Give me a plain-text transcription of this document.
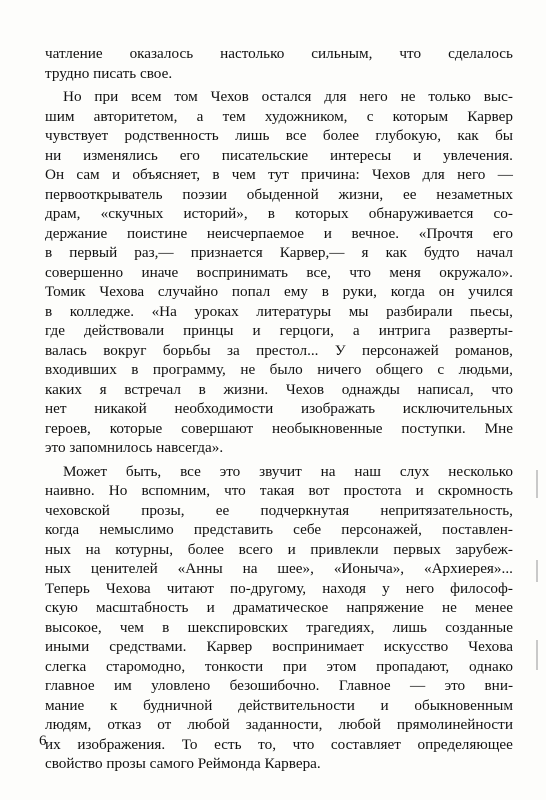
чатление оказалось настолько сильным, что сделалось
трудно писать свое.
Но при всем том Чехов остался для него не только выс-
шим авторитетом, а тем художником, с которым Карвер
чувствует родственность лишь все более глубокую, как бы
ни изменялись его писательские интересы и увлечения.
Он сам и объясняет, в чем тут причина: Чехов для него —
первооткрыватель поэзии обыденной жизни, ее незаметных
драм, «скучных историй», в которых обнаруживается со-
держание поистине неисчерпаемое и вечное. «Прочтя его
в первый раз,— признается Карвер,— я как будто начал
совершенно иначе воспринимать все, что меня окружало».
Томик Чехова случайно попал ему в руки, когда он учился
в колледже. «На уроках литературы мы разбирали пьесы,
где действовали принцы и герцоги, а интрига разверты-
валась вокруг борьбы за престол... У персонажей романов,
входивших в программу, не было ничего общего с людьми,
каких я встречал в жизни. Чехов однажды написал, что
нет никакой необходимости изображать исключительных
героев, которые совершают необыкновенные поступки. Мне
это запомнилось навсегда».
Может быть, все это звучит на наш слух несколько
наивно. Но вспомним, что такая вот простота и скромность
чеховской прозы, ее подчеркнутая непритязательность,
когда немыслимо представить себе персонажей, поставлен-
ных на котурны, более всего и привлекли первых зарубеж-
ных ценителей «Анны на шее», «Ионыча», «Архиерея»...
Теперь Чехова читают по-другому, находя у него философ-
скую масштабность и драматическое напряжение не менее
высокое, чем в шекспировских трагедиях, лишь созданные
иными средствами. Карвер воспринимает искусство Чехова
слегка старомодно, тонкости при этом пропадают, однако
главное им уловлено безошибочно. Главное — это вни-
мание к будничной действительности и обыкновенным
людям, отказ от любой заданности, любой прямолинейности
их изображения. То есть то, что составляет определяющее
свойство прозы самого Реймонда Карвера.
6
